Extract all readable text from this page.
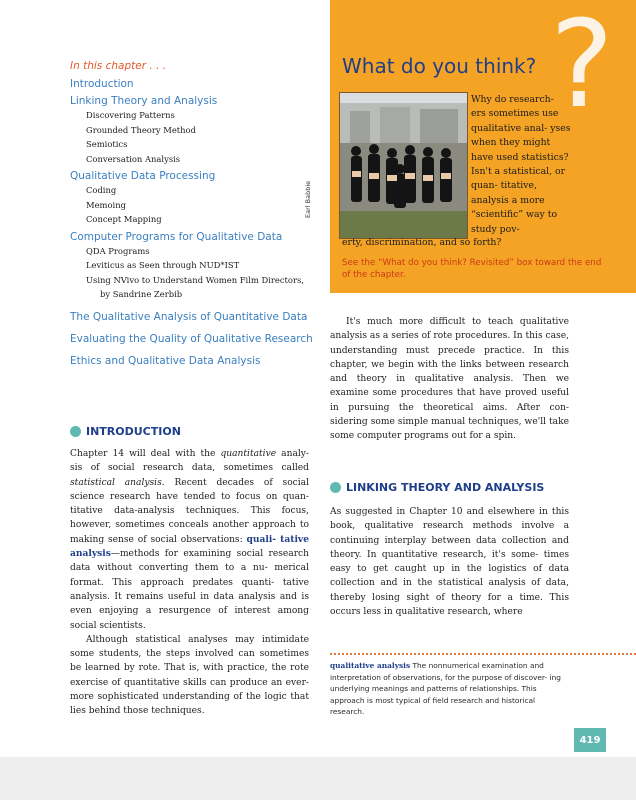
In this chapter . . .
Introduction
Linking Theory and Analysis
Discovering Patterns
Grounded Theory Method
Semiotics
Conversation Analysis
Qualitative Data Processing
Coding
Memoing
Concept Mapping
Computer Programs for Qualitative Data
QDA Programs
Leviticus as Seen through NUD*IST
Using NVivo to Understand Women Film Directors,
by Sandrine Zerbib
The Qualitative Analysis of Quantitative Data
Evaluating the Quality of Qualitative Research
Ethics and Qualitative Data Analysis
?
What do you think?
Earl Babbie
Why do research- ers sometimes use qualitative anal- yses when they might have used statistics? Isn't a statistical, or quan- titative, analysis a more “scientific” way to study pov-
erty, discrimination, and so forth?
See the “What do you think? Revisited” box toward the end of the chapter.
INTRODUCTION

Chapter 14 will deal with the quantitative analy- sis of social research data, sometimes called statistical analysis. Recent decades of social science research have tended to focus on quan- titative data-analysis techniques. This focus, however, sometimes conceals another approach to making sense of social observations: quali- tative analysis—methods for examining social research data without converting them to a nu- merical format. This approach predates quanti- tative analysis. It remains useful in data analysis and is even enjoying a resurgence of interest among social scientists.

Although statistical analyses may intimidate some students, the steps involved can sometimes be learned by rote. That is, with practice, the rote exercise of quantitative skills can produce an ever-more sophisticated understanding of the logic that lies behind those techniques.

It's much more difficult to teach qualitative analysis as a series of rote procedures. In this case, understanding must precede practice. In this chapter, we begin with the links between research and theory in qualitative analysis. Then we examine some procedures that have proved useful in pursuing the theoretical aims. After con- sidering some simple manual techniques, we'll take some computer programs out for a spin.

LINKING THEORY AND ANALYSIS

As suggested in Chapter 10 and elsewhere in this book, qualitative research methods involve a continuing interplay between data collection and theory. In quantitative research, it's some- times easy to get caught up in the logistics of data collection and in the statistical analysis of data, thereby losing sight of theory for a time. This occurs less in qualitative research, where

qualitative analysis The nonnumerical examination and interpretation of observations, for the purpose of discover- ing underlying meanings and patterns of relationships. This approach is most typical of field research and historical research.
419
